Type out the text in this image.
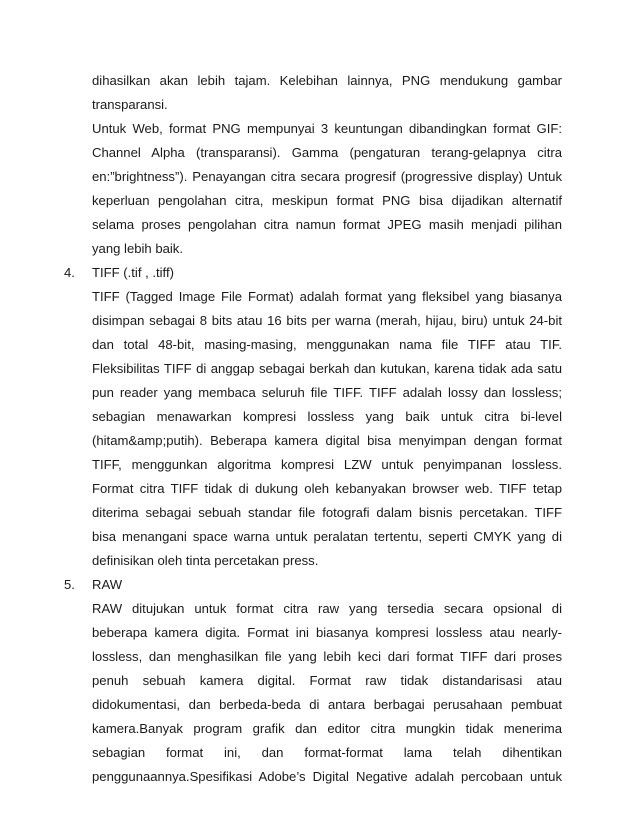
dihasilkan akan lebih tajam. Kelebihan lainnya, PNG mendukung gambar
transparansi.
Untuk Web, format PNG mempunyai 3 keuntungan dibandingkan format GIF:
Channel Alpha (transparansi). Gamma (pengaturan terang-gelapnya citra
en:”brightness”). Penayangan citra secara progresif (progressive display) Untuk
keperluan pengolahan citra, meskipun format PNG bisa dijadikan alternatif
selama proses pengolahan citra namun format JPEG masih menjadi pilihan
yang lebih baik.
4. TIFF (.tif , .tiff)
TIFF (Tagged Image File Format) adalah format yang fleksibel yang biasanya
disimpan sebagai 8 bits atau 16 bits per warna (merah, hijau, biru) untuk 24-bit
dan total 48-bit, masing-masing, menggunakan nama file TIFF atau TIF.
Fleksibilitas TIFF di anggap sebagai berkah dan kutukan, karena tidak ada satu
pun reader yang membaca seluruh file TIFF. TIFF adalah lossy dan lossless;
sebagian menawarkan kompresi lossless yang baik untuk citra bi-level
(hitam&amp;putih). Beberapa kamera digital bisa menyimpan dengan format
TIFF, menggunkan algoritma kompresi LZW untuk penyimpanan lossless.
Format citra TIFF tidak di dukung oleh kebanyakan browser web. TIFF tetap
diterima sebagai sebuah standar file fotografi dalam bisnis percetakan. TIFF
bisa menangani space warna untuk peralatan tertentu, seperti CMYK yang di
definisikan oleh tinta percetakan press.
5. RAW
RAW ditujukan untuk format citra raw yang tersedia secara opsional di
beberapa kamera digita. Format ini biasanya kompresi lossless atau nearly-
lossless, dan menghasilkan file yang lebih keci dari format TIFF dari proses
penuh sebuah kamera digital. Format raw tidak distandarisasi atau
didokumentasi, dan berbeda-beda di antara berbagai perusahaan pembuat
kamera.Banyak program grafik dan editor citra mungkin tidak menerima
sebagian format ini, dan format-format lama telah dihentikan
penggunaannya.Spesifikasi Adobe’s Digital Negative adalah percobaan untuk
